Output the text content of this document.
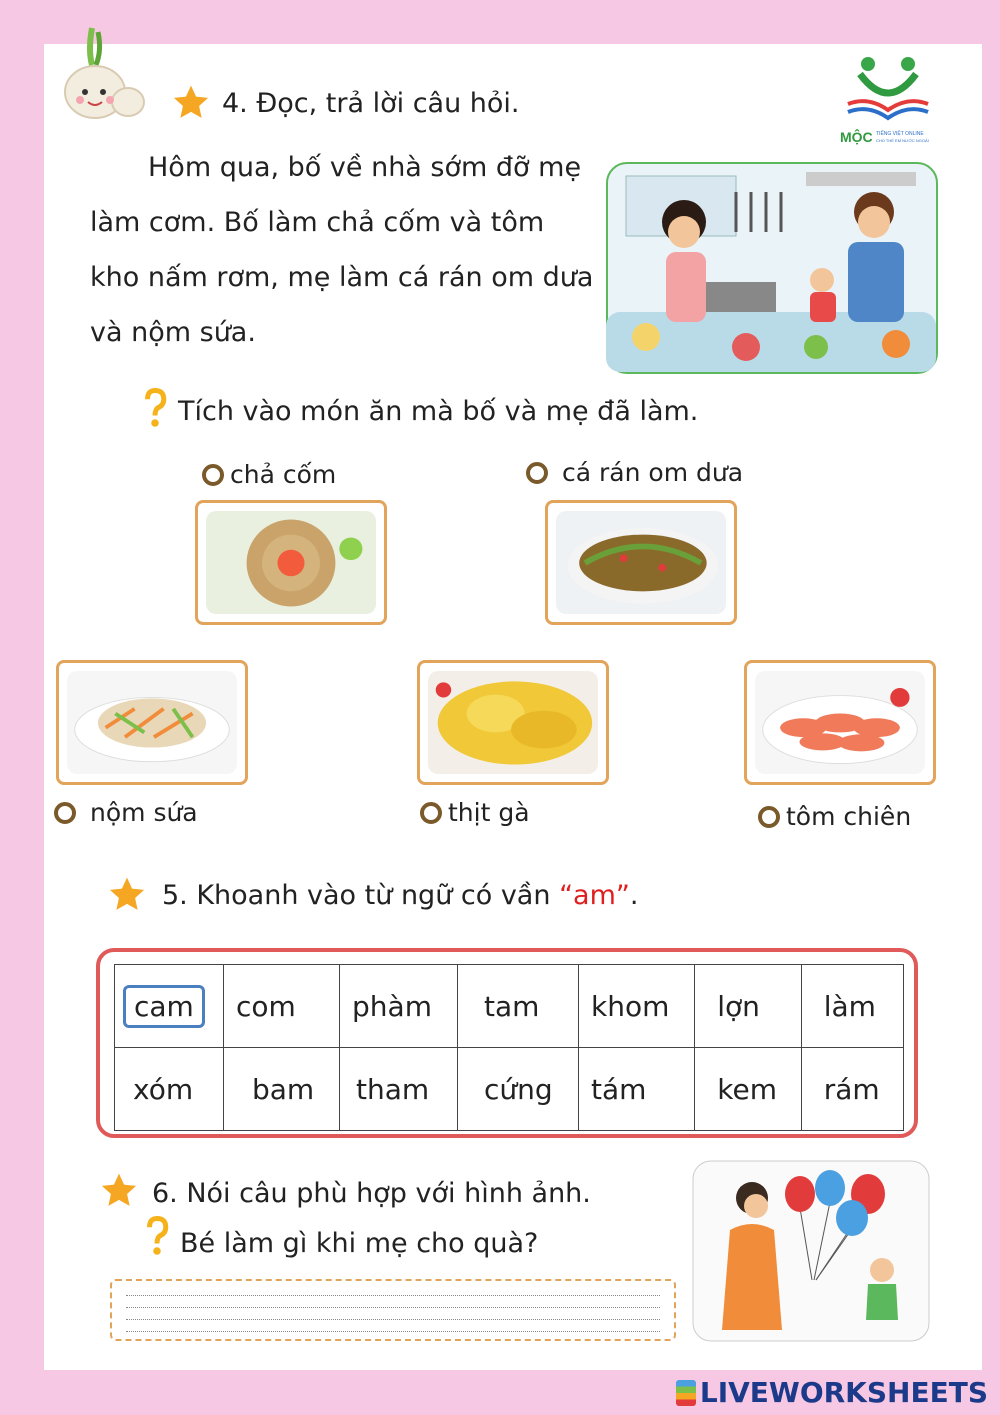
4. Đọc, trả lời câu hỏi.
MỘC TIẾNG VIỆT ONLINE
CHO THẾ EM NƯỚC NGOÀI
Hôm qua, bố về nhà sớm đỡ mẹ làm cơm. Bố làm chả cốm và tôm kho nấm rơm, mẹ làm cá rán om dưa và nộm sứa.
Tích vào món ăn mà bố và mẹ đã làm.
chả cốm	cá rán om dưa
nộm sứa	thịt gà	tôm chiên
5. Khoanh vào từ ngữ có vần “am”.
cam	com	phàm	tam	khom	lợn	làm
xóm	bam	tham	cứng	tám	kem	rám
6. Nói câu phù hợp với hình ảnh.
Bé làm gì khi mẹ cho quà?
LIVEWORKSHEETS
